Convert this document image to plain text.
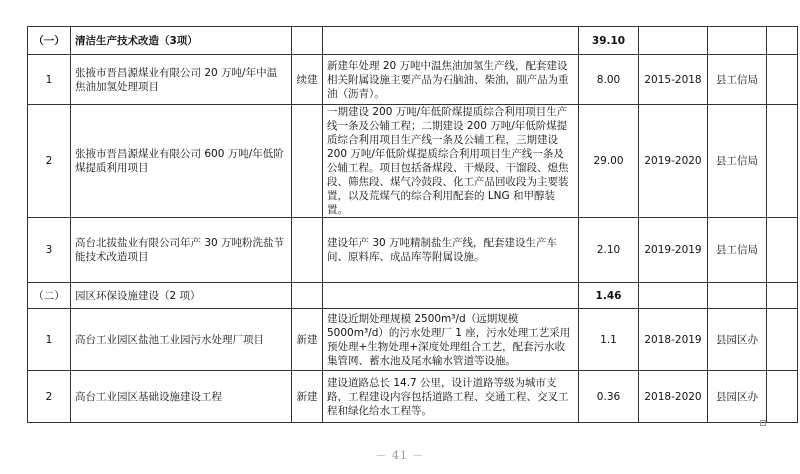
（一）	清洁生产技术改造（3项）			39.10			
1	张掖市晋昌源煤业有限公司 20 万吨/年中温焦油加氢处理项目	续建	新建年处理 20 万吨中温焦油加氢生产线，配套建设相关附属设施主要产品为石脑油、柴油，副产品为重油（沥青）。	8.00	2015-2018	县工信局	
2	张掖市晋昌源煤业有限公司 600 万吨/年低阶煤提质利用项目		一期建设 200 万吨/年低阶煤提质综合利用项目生产线一条及公辅工程；二期建设 200 万吨/年低阶煤提质综合利用项目生产线一条及公辅工程，三期建设 200 万吨/年低阶煤提质综合利用项目生产线一条及公辅工程。项目包括备煤段、干燥段、干馏段、熄焦段、筛焦段、煤气冷鼓段、化工产品回收段为主要装置，以及荒煤气的综合利用配套的 LNG 和甲醇装置。	29.00	2019-2020	县工信局	
3	高台北拔盐业有限公司年产 30 万吨粉洗盐节能技术改造项目		建设年产 30 万吨精制盐生产线，配套建设生产车间、原料库、成品库等附属设施。	2.10	2019-2019	县工信局	
（二）	园区环保设施建设（2 项）			1.46			
1	高台工业园区盐池工业园污水处理厂项目	新建	建设近期处理规模 2500m³/d（远期规模 5000m³/d）的污水处理厂 1 座，污水处理工艺采用预处理+生物处理+深度处理组合工艺，配套污水收集管网、蓄水池及尾水输水管道等设施。	1.1	2018-2019	县园区办	
2	高台工业园区基础设施建设工程	新建	建设道路总长 14.7 公里，设计道路等级为城市支路，工程建设内容包括道路工程、交通工程、交叉工程和绿化给水工程等。	0.36	2018-2020	县园区办	
－ 41 －
